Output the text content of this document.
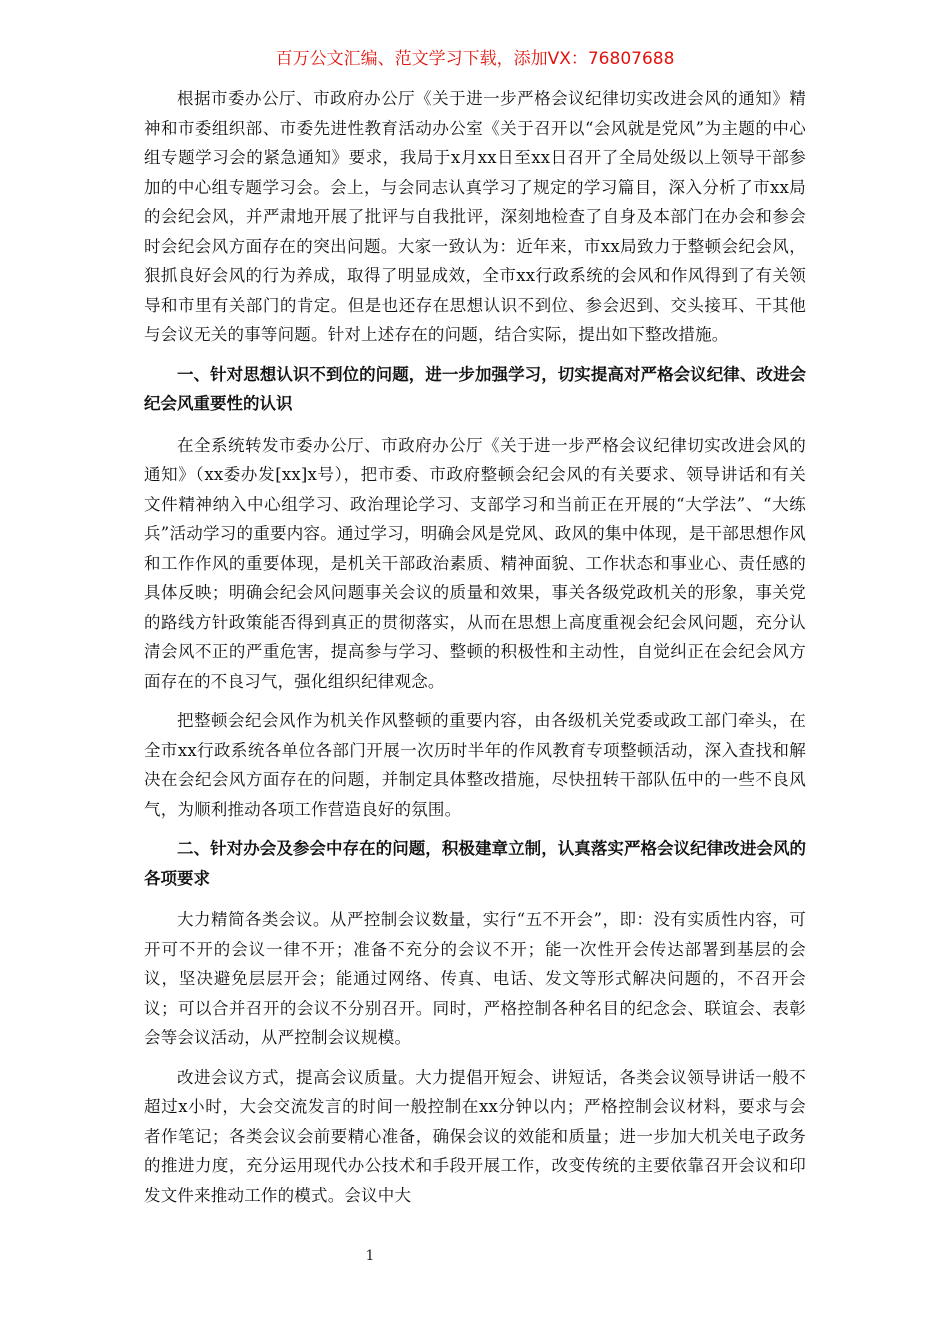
百万公文汇编、范文学习下载，添加VX：76807688

根据市委办公厅、市政府办公厅《关于进一步严格会议纪律切实改进会风的通知》精神和市委组织部、市委先进性教育活动办公室《关于召开以“会风就是党风”为主题的中心组专题学习会的紧急通知》要求，我局于x月xx日至xx日召开了全局处级以上领导干部参加的中心组专题学习会。会上，与会同志认真学习了规定的学习篇目，深入分析了市xx局的会纪会风，并严肃地开展了批评与自我批评，深刻地检查了自身及本部门在办会和参会时会纪会风方面存在的突出问题。大家一致认为：近年来，市xx局致力于整顿会纪会风，狠抓良好会风的行为养成，取得了明显成效，全市xx行政系统的会风和作风得到了有关领导和市里有关部门的肯定。但是也还存在思想认识不到位、参会迟到、交头接耳、干其他与会议无关的事等问题。针对上述存在的问题，结合实际，提出如下整改措施。

一、针对思想认识不到位的问题，进一步加强学习，切实提高对严格会议纪律、改进会纪会风重要性的认识

在全系统转发市委办公厅、市政府办公厅《关于进一步严格会议纪律切实改进会风的通知》（xx委办发[xx]x号），把市委、市政府整顿会纪会风的有关要求、领导讲话和有关文件精神纳入中心组学习、政治理论学习、支部学习和当前正在开展的“大学法”、“大练兵”活动学习的重要内容。通过学习，明确会风是党风、政风的集中体现，是干部思想作风和工作作风的重要体现，是机关干部政治素质、精神面貌、工作状态和事业心、责任感的具体反映；明确会纪会风问题事关会议的质量和效果，事关各级党政机关的形象，事关党的路线方针政策能否得到真正的贯彻落实，从而在思想上高度重视会纪会风问题，充分认清会风不正的严重危害，提高参与学习、整顿的积极性和主动性，自觉纠正在会纪会风方面存在的不良习气，强化组织纪律观念。

把整顿会纪会风作为机关作风整顿的重要内容，由各级机关党委或政工部门牵头，在全市xx行政系统各单位各部门开展一次历时半年的作风教育专项整顿活动，深入查找和解决在会纪会风方面存在的问题，并制定具体整改措施，尽快扭转干部队伍中的一些不良风气，为顺利推动各项工作营造良好的氛围。

二、针对办会及参会中存在的问题，积极建章立制，认真落实严格会议纪律改进会风的各项要求

大力精简各类会议。从严控制会议数量，实行“五不开会”，即：没有实质性内容，可开可不开的会议一律不开；准备不充分的会议不开；能一次性开会传达部署到基层的会议，坚决避免层层开会；能通过网络、传真、电话、发文等形式解决问题的，不召开会议；可以合并召开的会议不分别召开。同时，严格控制各种名目的纪念会、联谊会、表彰会等会议活动，从严控制会议规模。

改进会议方式，提高会议质量。大力提倡开短会、讲短话，各类会议领导讲话一般不超过x小时，大会交流发言的时间一般控制在xx分钟以内；严格控制会议材料，要求与会者作笔记；各类会议会前要精心准备，确保会议的效能和质量；进一步加大机关电子政务的推进力度，充分运用现代办公技术和手段开展工作，改变传统的主要依靠召开会议和印发文件来推动工作的模式。会议中大

1
